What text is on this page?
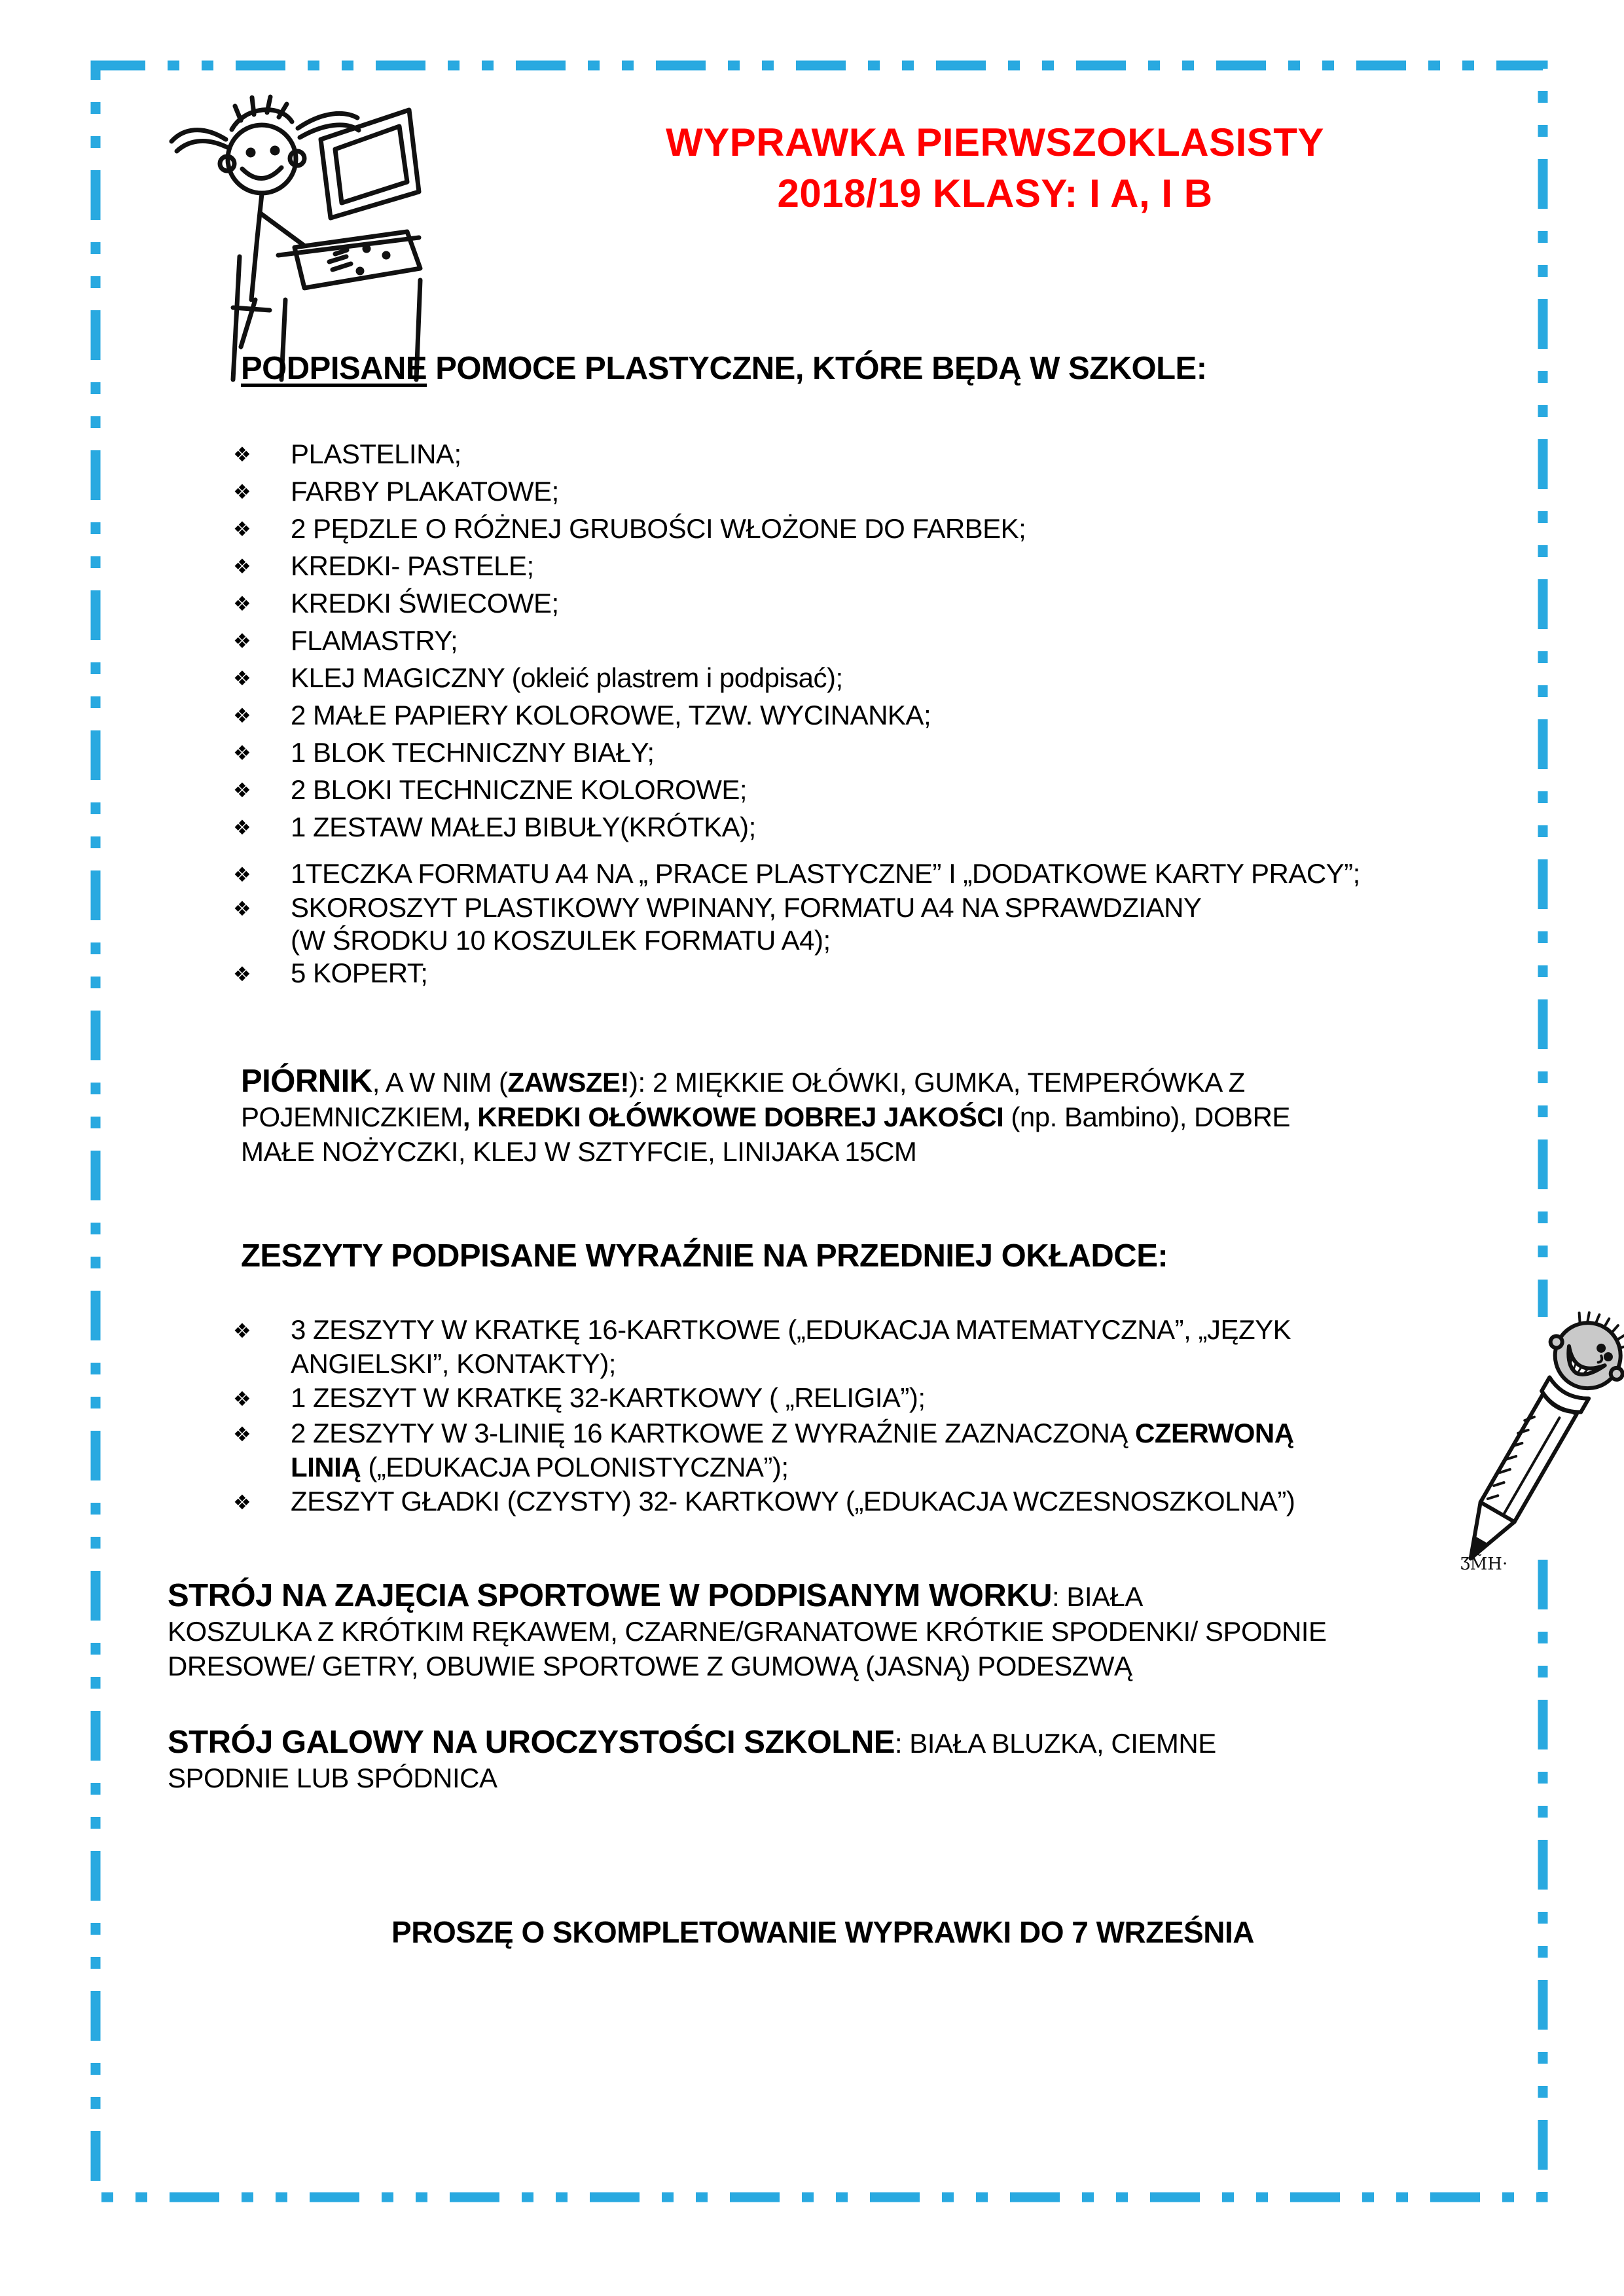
WYPRAWKA PIERWSZOKLASISTY
2018/19 KLASY: I A, I B
PODPISANE POMOCE PLASTYCZNE, KTÓRE BĘDĄ W SZKOLE:
❖	PLASTELINA;
❖	FARBY PLAKATOWE;
❖	2 PĘDZLE O RÓŻNEJ GRUBOŚCI WŁOŻONE DO FARBEK;
❖	KREDKI- PASTELE;
❖	KREDKI ŚWIECOWE;
❖	FLAMASTRY;
❖	KLEJ MAGICZNY (okleić plastrem i podpisać);
❖	2 MAŁE PAPIERY KOLOROWE, TZW. WYCINANKA;
❖	1 BLOK TECHNICZNY BIAŁY;
❖	2 BLOKI TECHNICZNE KOLOROWE;
❖	1 ZESTAW MAŁEJ BIBUŁY(KRÓTKA);
❖	1TECZKA FORMATU A4 NA „ PRACE PLASTYCZNE” I „DODATKOWE KARTY PRACY”;
❖	SKOROSZYT PLASTIKOWY WPINANY, FORMATU A4 NA SPRAWDZIANY
(W ŚRODKU 10 KOSZULEK FORMATU A4);
❖	5 KOPERT;
PIÓRNIK, A W NIM (ZAWSZE!): 2 MIĘKKIE OŁÓWKI, GUMKA, TEMPERÓWKA Z
POJEMNICZKIEM, KREDKI OŁÓWKOWE DOBREJ JAKOŚCI (np. Bambino), DOBRE
MAŁE NOŻYCZKI, KLEJ W SZTYFCIE, LINIJAKA 15CM
ZESZYTY PODPISANE WYRAŹNIE NA PRZEDNIEJ OKŁADCE:
❖	3 ZESZYTY W KRATKĘ 16-KARTKOWE („EDUKACJA MATEMATYCZNA”, „JĘZYK
ANGIELSKI”, KONTAKTY);
❖	1 ZESZYT W KRATKĘ 32-KARTKOWY ( „RELIGIA”);
❖	2 ZESZYTY W 3-LINIĘ 16 KARTKOWE Z WYRAŹNIE ZAZNACZONĄ CZERWONĄ
LINIĄ („EDUKACJA POLONISTYCZNA”);
❖	ZESZYT GŁADKI (CZYSTY) 32- KARTKOWY („EDUKACJA WCZESNOSZKOLNA”)
STRÓJ NA ZAJĘCIA SPORTOWE W PODPISANYM WORKU: BIAŁA
KOSZULKA Z KRÓTKIM RĘKAWEM, CZARNE/GRANATOWE KRÓTKIE SPODENKI/ SPODNIE
DRESOWE/ GETRY, OBUWIE SPORTOWE Z GUMOWĄ (JASNĄ) PODESZWĄ
STRÓJ GALOWY NA UROCZYSTOŚCI SZKOLNE: BIAŁA BLUZKA, CIEMNE
SPODNIE LUB SPÓDNICA
PROSZĘ O SKOMPLETOWANIE WYPRAWKI DO 7 WRZEŚNIA
ƷM̃H·
